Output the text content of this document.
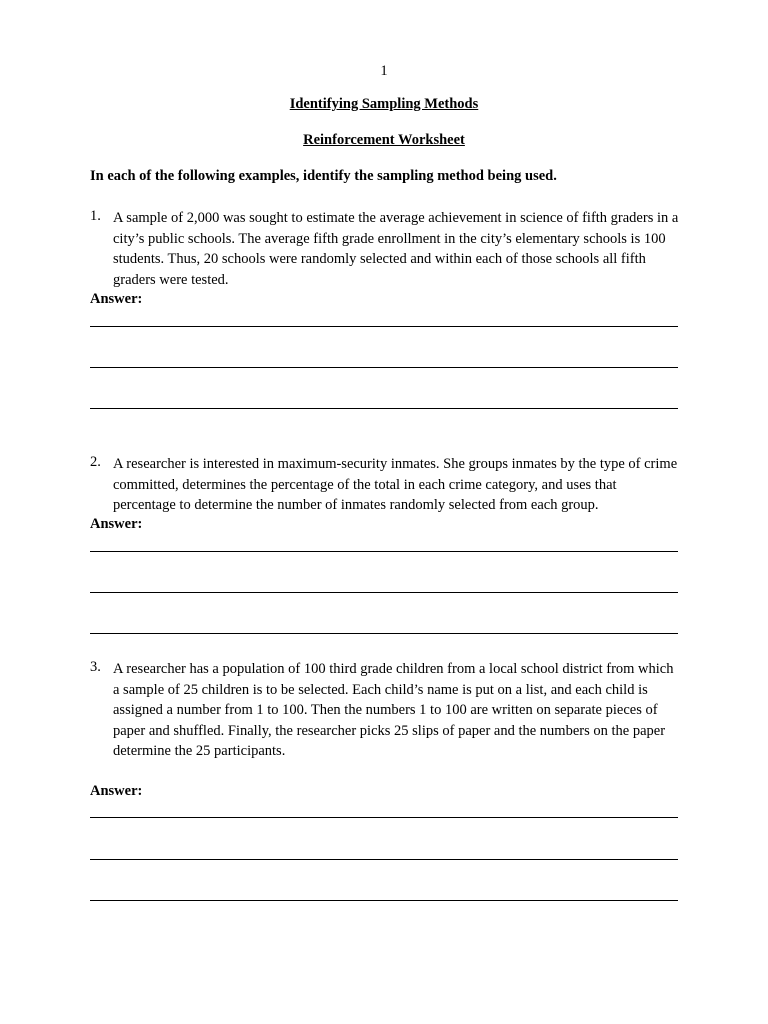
1
Identifying Sampling Methods
Reinforcement Worksheet
In each of the following examples, identify the sampling method being used.
1. A sample of 2,000 was sought to estimate the average achievement in science of fifth graders in a city’s public schools. The average fifth grade enrollment in the city’s elementary schools is 100 students. Thus, 20 schools were randomly selected and within each of those schools all fifth graders were tested.
Answer:
2. A researcher is interested in maximum-security inmates. She groups inmates by the type of crime committed, determines the percentage of the total in each crime category, and uses that percentage to determine the number of inmates randomly selected from each group.
Answer:
3. A researcher has a population of 100 third grade children from a local school district from which a sample of 25 children is to be selected. Each child’s name is put on a list, and each child is assigned a number from 1 to 100. Then the numbers 1 to 100 are written on separate pieces of paper and shuffled. Finally, the researcher picks 25 slips of paper and the numbers on the paper determine the 25 participants.
Answer:
